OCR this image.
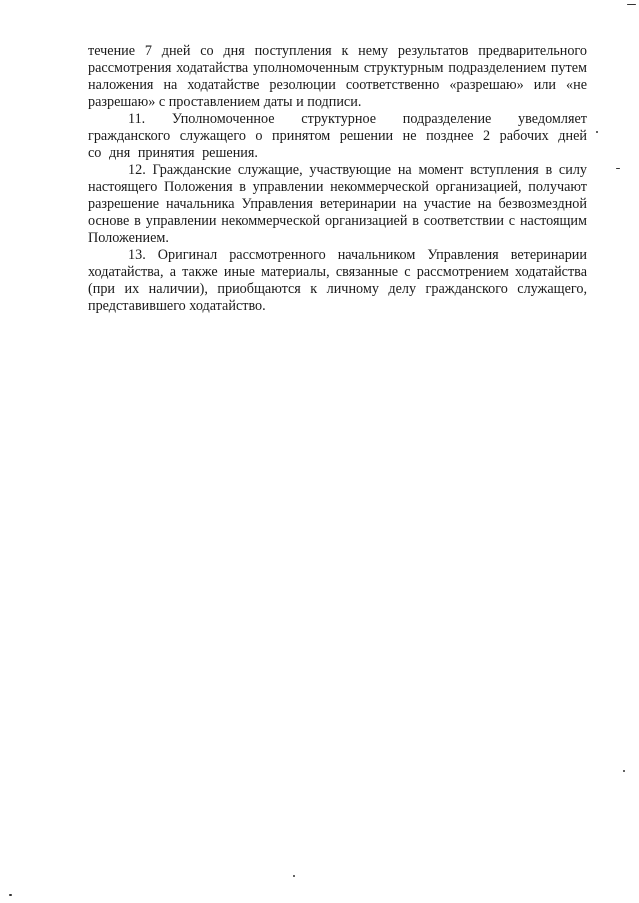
течение 7 дней со дня поступления к нему результатов предварительного рассмотрения ходатайства уполномоченным структурным подразделением путем наложения на ходатайстве резолюции соответственно «разрешаю» или «не разрешаю» с проставлением даты и подписи.

11. Уполномоченное структурное подразделение уведомляет гражданского служащего о принятом решении не позднее 2 рабочих дней со дня принятия решения.

12. Гражданские служащие, участвующие на момент вступления в силу настоящего Положения в управлении некоммерческой организацией, получают разрешение начальника Управления ветеринарии на участие на безвозмездной основе в управлении некоммерческой организацией в соответствии с настоящим Положением.

13. Оригинал рассмотренного начальником Управления ветеринарии ходатайства, а также иные материалы, связанные с рассмотрением ходатайства (при их наличии), приобщаются к личному делу гражданского служащего, представившего ходатайство.
